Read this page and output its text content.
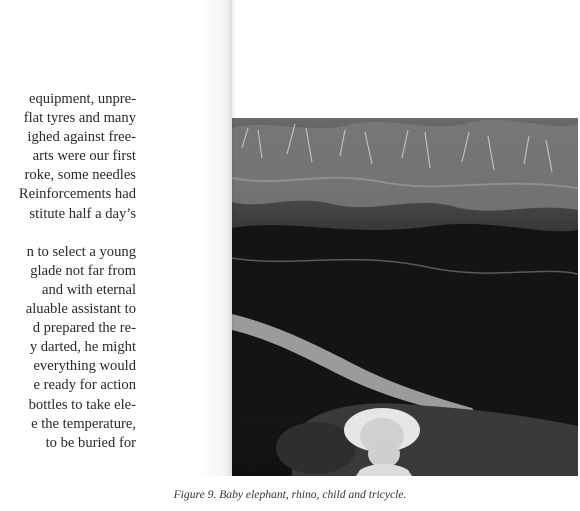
equipment, unpre-
flat tyres and many
ighed against free-
arts were our first
roke, some needles
Reinforcements had
stitute half a day’s
n to select a young
glade not far from
and with eternal
aluable assistant to
d prepared the re-
y darted, he might
everything would
e ready for action
bottles to take ele-
e the temperature,
to be buried for
Figure 9. Baby elephant, rhino, child and tricycle.
